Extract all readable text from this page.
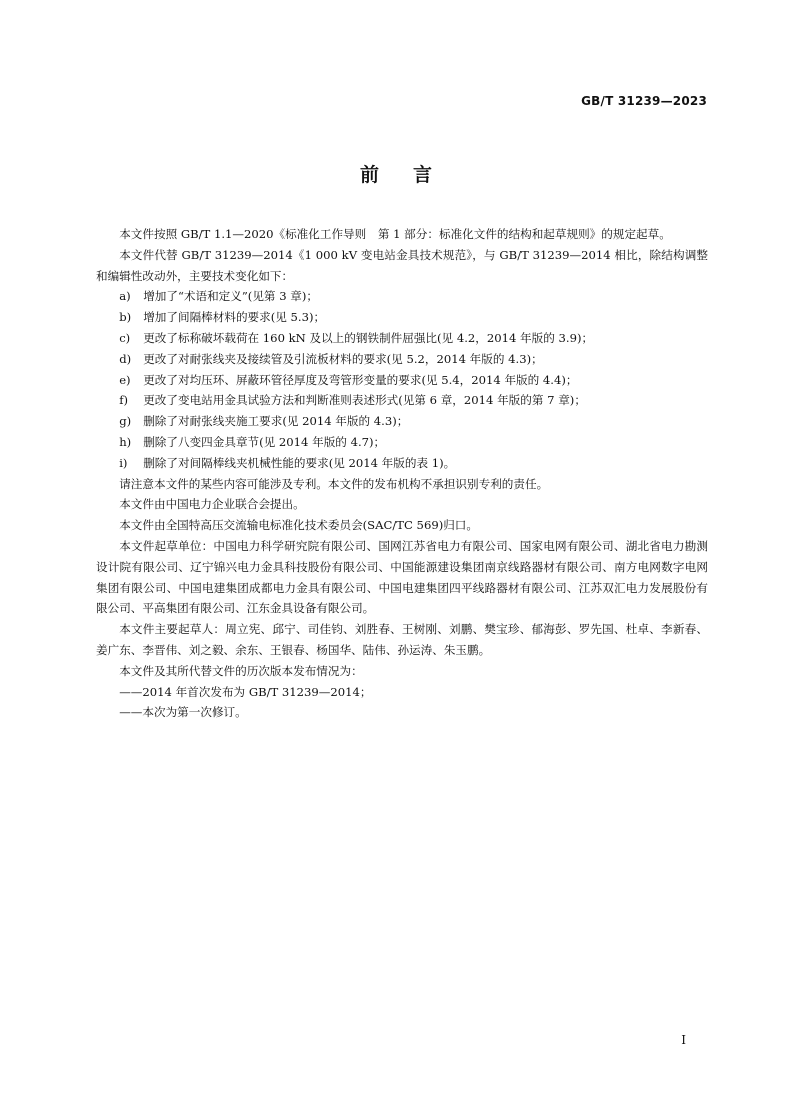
GB/T 31239—2023
前言

本文件按照 GB/T 1.1—2020《标准化工作导则　第 1 部分：标准化文件的结构和起草规则》的规定起草。

本文件代替 GB/T 31239—2014《1 000 kV 变电站金具技术规范》，与 GB/T 31239—2014 相比，除结构调整和编辑性改动外，主要技术变化如下：

a) 增加了“术语和定义”(见第 3 章)；

b) 增加了间隔棒材料的要求(见 5.3)；

c) 更改了标称破坏载荷在 160 kN 及以上的钢铁制件屈强比(见 4.2，2014 年版的 3.9)；

d) 更改了对耐张线夹及接续管及引流板材料的要求(见 5.2，2014 年版的 4.3)；

e) 更改了对均压环、屏蔽环管径厚度及弯管形变量的要求(见 5.4，2014 年版的 4.4)；

f) 更改了变电站用金具试验方法和判断准则表述形式(见第 6 章，2014 年版的第 7 章)；

g) 删除了对耐张线夹施工要求(见 2014 年版的 4.3)；

h) 删除了八变四金具章节(见 2014 年版的 4.7)；

i) 删除了对间隔棒线夹机械性能的要求(见 2014 年版的表 1)。

请注意本文件的某些内容可能涉及专利。本文件的发布机构不承担识别专利的责任。

本文件由中国电力企业联合会提出。

本文件由全国特高压交流输电标准化技术委员会(SAC/TC 569)归口。

本文件起草单位：中国电力科学研究院有限公司、国网江苏省电力有限公司、国家电网有限公司、湖北省电力勘测设计院有限公司、辽宁锦兴电力金具科技股份有限公司、中国能源建设集团南京线路器材有限公司、南方电网数字电网集团有限公司、中国电建集团成都电力金具有限公司、中国电建集团四平线路器材有限公司、江苏双汇电力发展股份有限公司、平高集团有限公司、江东金具设备有限公司。

本文件主要起草人：周立宪、邱宁、司佳钧、刘胜春、王树刚、刘鹏、樊宝珍、郁海彭、罗先国、杜卓、李新春、姜广东、李晋伟、刘之毅、余东、王银春、杨国华、陆伟、孙运涛、朱玉鹏。

本文件及其所代替文件的历次版本发布情况为：

——2014 年首次发布为 GB/T 31239—2014；

——本次为第一次修订。

I
